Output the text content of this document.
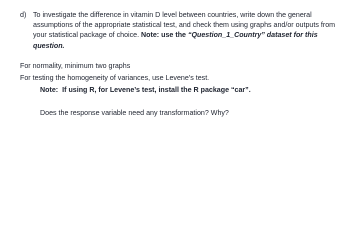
d) To investigate the difference in vitamin D level between countries, write down the general assumptions of the appropriate statistical test, and check them using graphs and/or outputs from your statistical package of choice. Note: use the “Question_1_Country” dataset for this question.
For normality, minimum two graphs
For testing the homogeneity of variances, use Levene’s test.
Note: If using R, for Levene’s test, install the R package “car”.
Does the response variable need any transformation? Why?
